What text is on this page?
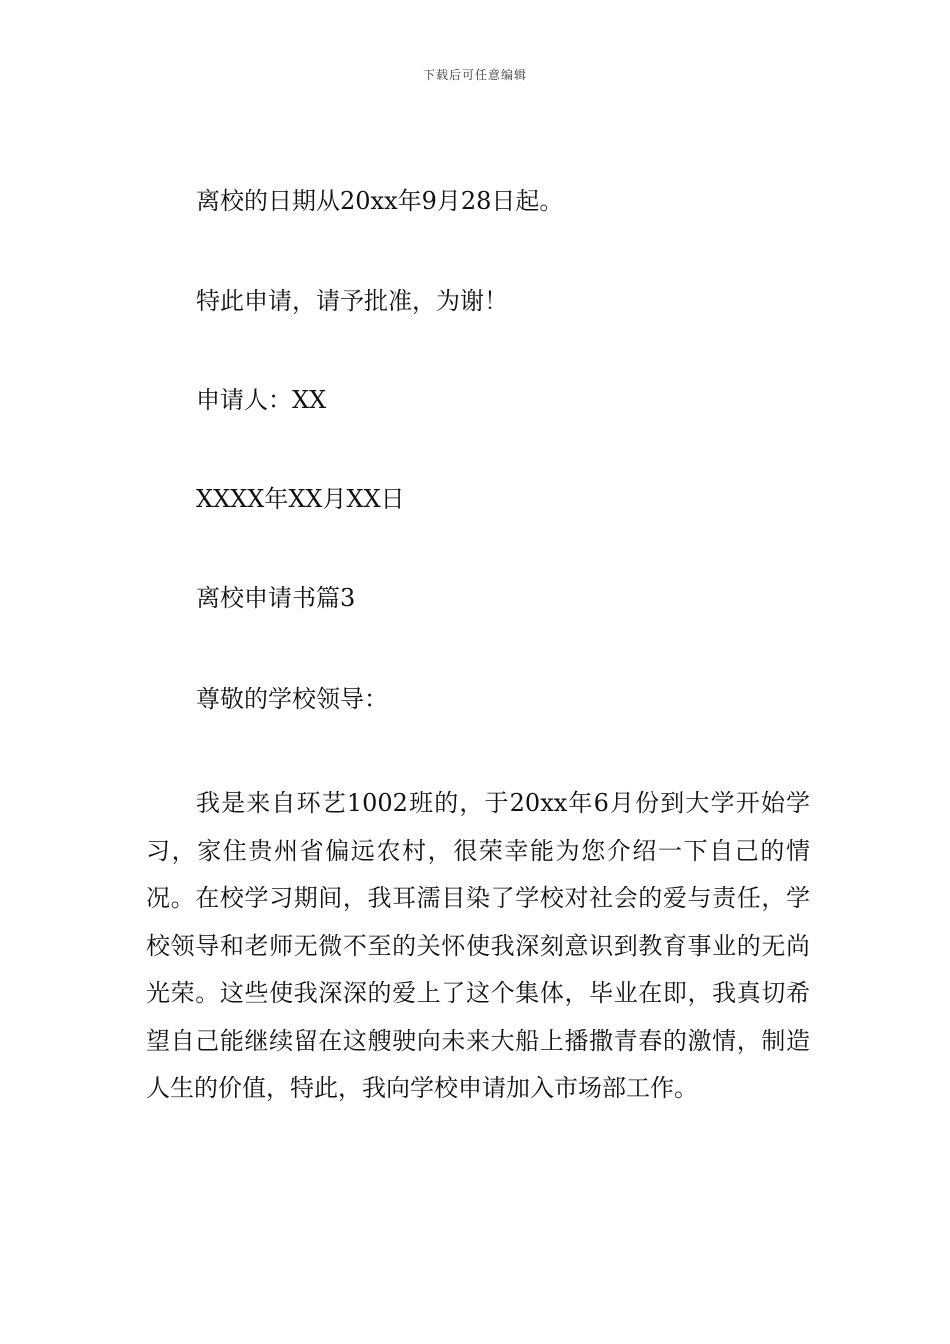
下载后可任意编辑
离校的日期从20xx年9月28日起。
特此申请，请予批准，为谢！
申请人：XX
XXXX年XX月XX日
离校申请书篇3
尊敬的学校领导：
我是来自环艺1002班的，于20xx年6月份到大学开始学习，家住贵州省偏远农村，很荣幸能为您介绍一下自己的情况。在校学习期间，我耳濡目染了学校对社会的爱与责任，学校领导和老师无微不至的关怀使我深刻意识到教育事业的无尚光荣。这些使我深深的爱上了这个集体，毕业在即，我真切希望自己能继续留在这艘驶向未来大船上播撒青春的激情，制造人生的价值，特此，我向学校申请加入市场部工作。
